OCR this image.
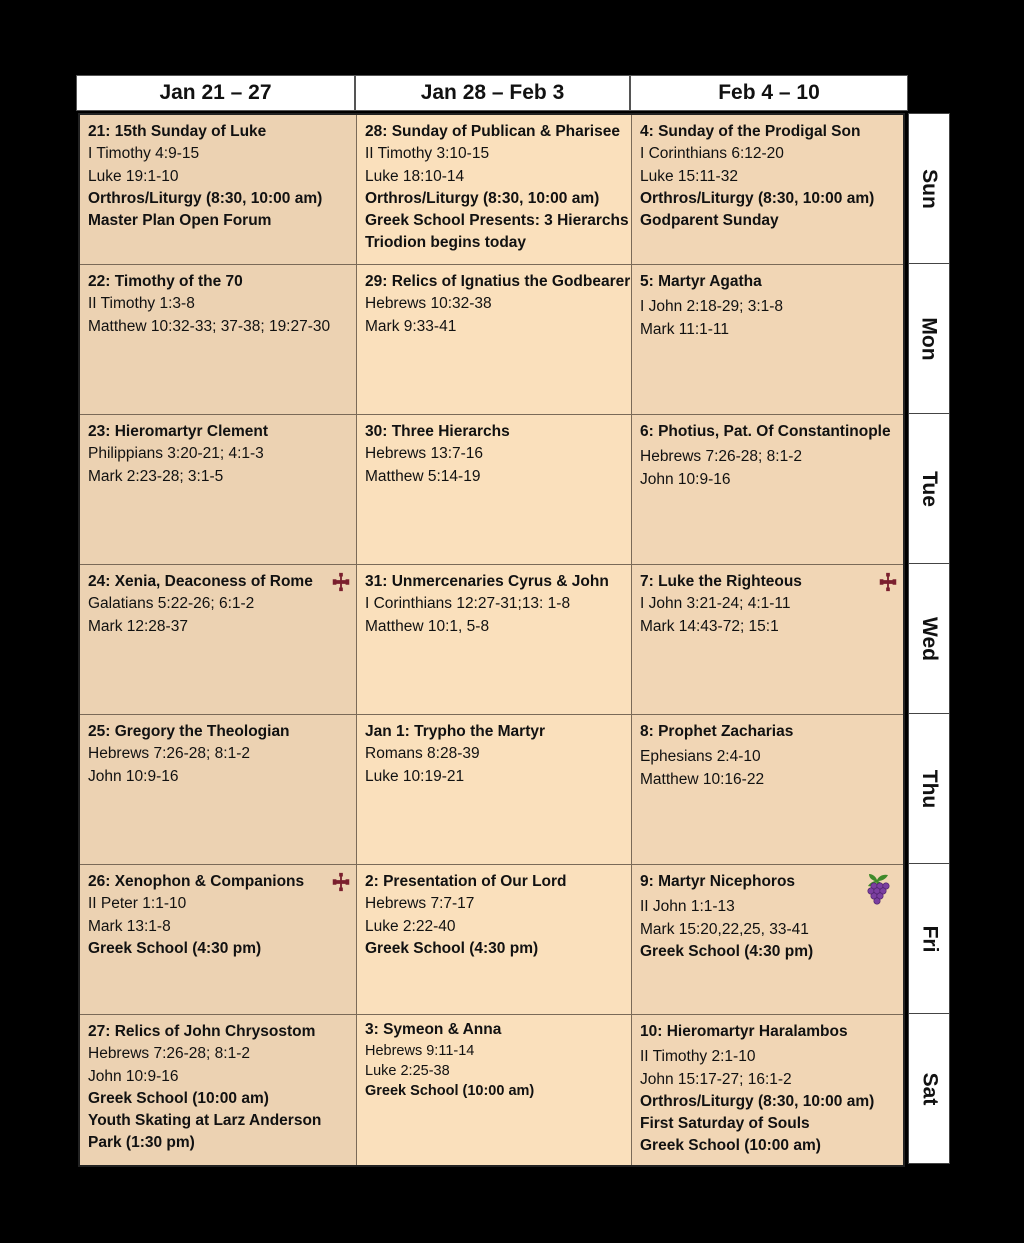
Jan 21 – 27	Jan 28 – Feb 3	Feb 4 – 10
21: 15th Sunday of Luke
I Timothy 4:9-15
Luke 19:1-10
Orthros/Liturgy (8:30, 10:00 am)
Master Plan Open Forum
28: Sunday of Publican & Pharisee
II Timothy 3:10-15
Luke 18:10-14
Orthros/Liturgy (8:30, 10:00 am)
Greek School Presents: 3 Hierarchs
Triodion begins today
4: Sunday of the Prodigal Son
I Corinthians 6:12-20
Luke 15:11-32
Orthros/Liturgy (8:30, 10:00 am)
Godparent Sunday
22: Timothy of the 70
II Timothy 1:3-8
Matthew 10:32-33; 37-38; 19:27-30
29: Relics of Ignatius the Godbearer
Hebrews 10:32-38
Mark 9:33-41
5: Martyr Agatha
I John 2:18-29; 3:1-8
Mark 11:1-11
23: Hieromartyr Clement
Philippians 3:20-21; 4:1-3
Mark 2:23-28; 3:1-5
30: Three Hierarchs
Hebrews 13:7-16
Matthew 5:14-19
6: Photius, Pat. Of Constantinople
Hebrews 7:26-28; 8:1-2
John 10:9-16
24: Xenia, Deaconess of Rome
Galatians 5:22-26; 6:1-2
Mark 12:28-37
31: Unmercenaries Cyrus & John
I Corinthians 12:27-31;13: 1-8
Matthew 10:1, 5-8
7: Luke the Righteous
I John 3:21-24; 4:1-11
Mark 14:43-72; 15:1
25: Gregory the Theologian
Hebrews 7:26-28; 8:1-2
John 10:9-16
Jan 1: Trypho the Martyr
Romans 8:28-39
Luke 10:19-21
8: Prophet Zacharias
Ephesians 2:4-10
Matthew 10:16-22
26: Xenophon & Companions
II Peter 1:1-10
Mark 13:1-8
Greek School (4:30 pm)
2: Presentation of Our Lord
Hebrews 7:7-17
Luke 2:22-40
Greek School (4:30 pm)
9: Martyr Nicephoros
II John 1:1-13
Mark 15:20,22,25, 33-41
Greek School (4:30 pm)
27: Relics of John Chrysostom
Hebrews 7:26-28; 8:1-2
John 10:9-16
Greek School (10:00 am)
Youth Skating at Larz Anderson
Park (1:30 pm)
3: Symeon & Anna
Hebrews 9:11-14
Luke 2:25-38
Greek School (10:00 am)
10: Hieromartyr Haralambos
II Timothy 2:1-10
John 15:17-27; 16:1-2
Orthros/Liturgy (8:30, 10:00 am)
First Saturday of Souls
Greek School (10:00 am)
Sun
Mon
Tue
Wed
Thu
Fri
Sat
